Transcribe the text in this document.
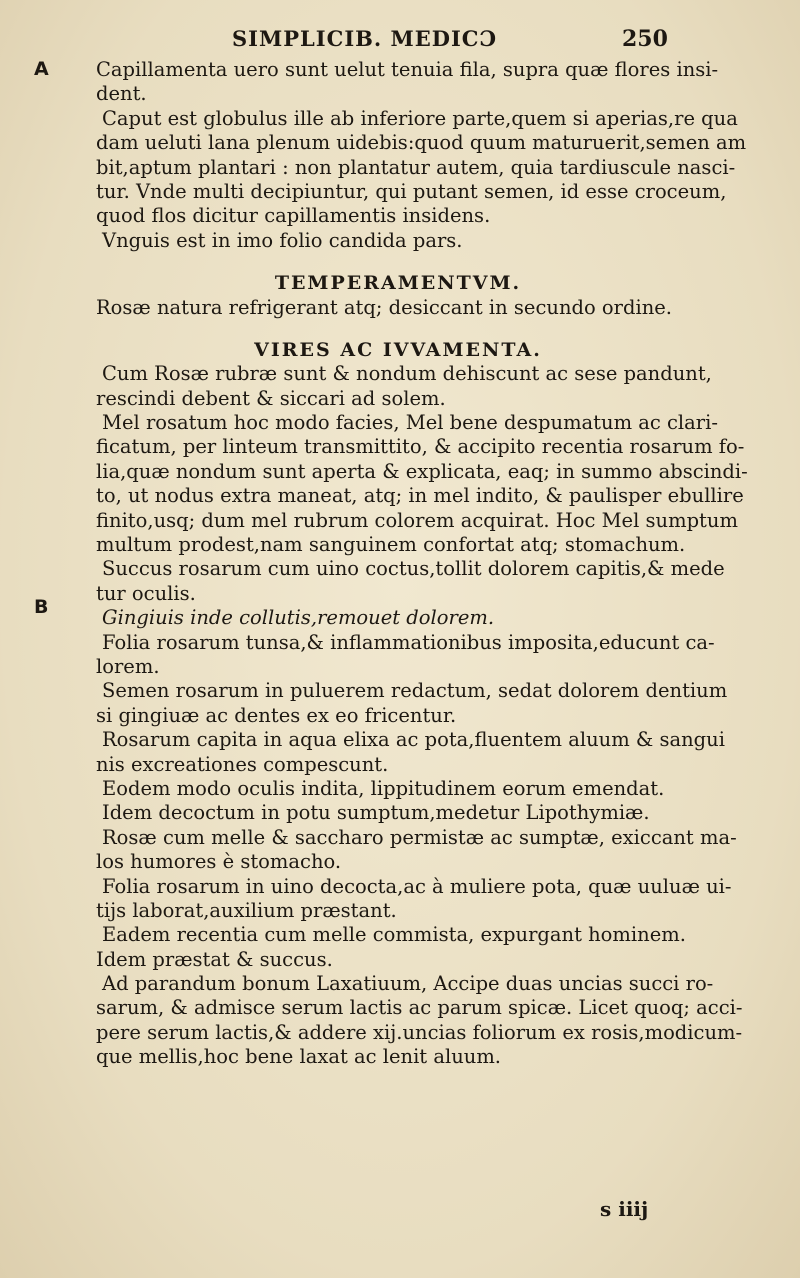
SIMPLICIB. MEDICƆ	250
A
B
Capillamenta uero sunt uelut tenuia fila, supra quæ flores insi-
dent.
Caput est globulus ille ab inferiore parte,quem si aperias,re qua
dam ueluti lana plenum uidebis:quod quum maturuerit,semen am
bit,aptum plantari : non plantatur autem, quia tardiuscule nasci-
tur. Vnde multi decipiuntur, qui putant semen, id esse croceum,
quod flos dicitur capillamentis insidens.
Vnguis est in imo folio candida pars.
TEMPERAMENTVM.
Rosæ natura refrigerant atq; desiccant in secundo ordine.
VIRES AC IVVAMENTA.
Cum Rosæ rubræ sunt & nondum dehiscunt ac sese pandunt,
rescindi debent & siccari ad solem.
Mel rosatum hoc modo facies, Mel bene despumatum ac clari-
ficatum, per linteum transmittito, & accipito recentia rosarum fo-
lia,quæ nondum sunt aperta & explicata, eaq; in summo abscindi-
to, ut nodus extra maneat, atq; in mel indito, & paulisper ebullire
finito,usq; dum mel rubrum colorem acquirat. Hoc Mel sumptum
multum prodest,nam sanguinem confortat atq; stomachum.
Succus rosarum cum uino coctus,tollit dolorem capitis,& mede
tur oculis.
Gingiuis inde collutis,remouet dolorem.
Folia rosarum tunsa,& inflammationibus imposita,educunt ca-
lorem.
Semen rosarum in puluerem redactum, sedat dolorem dentium
si gingiuæ ac dentes ex eo fricentur.
Rosarum capita in aqua elixa ac pota,fluentem aluum & sangui
nis excreationes compescunt.
Eodem modo oculis indita, lippitudinem eorum emendat.
Idem decoctum in potu sumptum,medetur Lipothymiæ.
Rosæ cum melle & saccharo permistæ ac sumptæ, exiccant ma-
los humores è stomacho.
Folia rosarum in uino decocta,ac à muliere pota, quæ uuluæ ui-
tijs laborat,auxilium præstant.
Eadem recentia cum melle commista, expurgant hominem.
Idem præstat & succus.
Ad parandum bonum Laxatiuum, Accipe duas uncias succi ro-
sarum, & admisce serum lactis ac parum spicæ. Licet quoq; acci-
pere serum lactis,& addere xij.uncias foliorum ex rosis,modicum-
que mellis,hoc bene laxat ac lenit aluum.
s iiij
